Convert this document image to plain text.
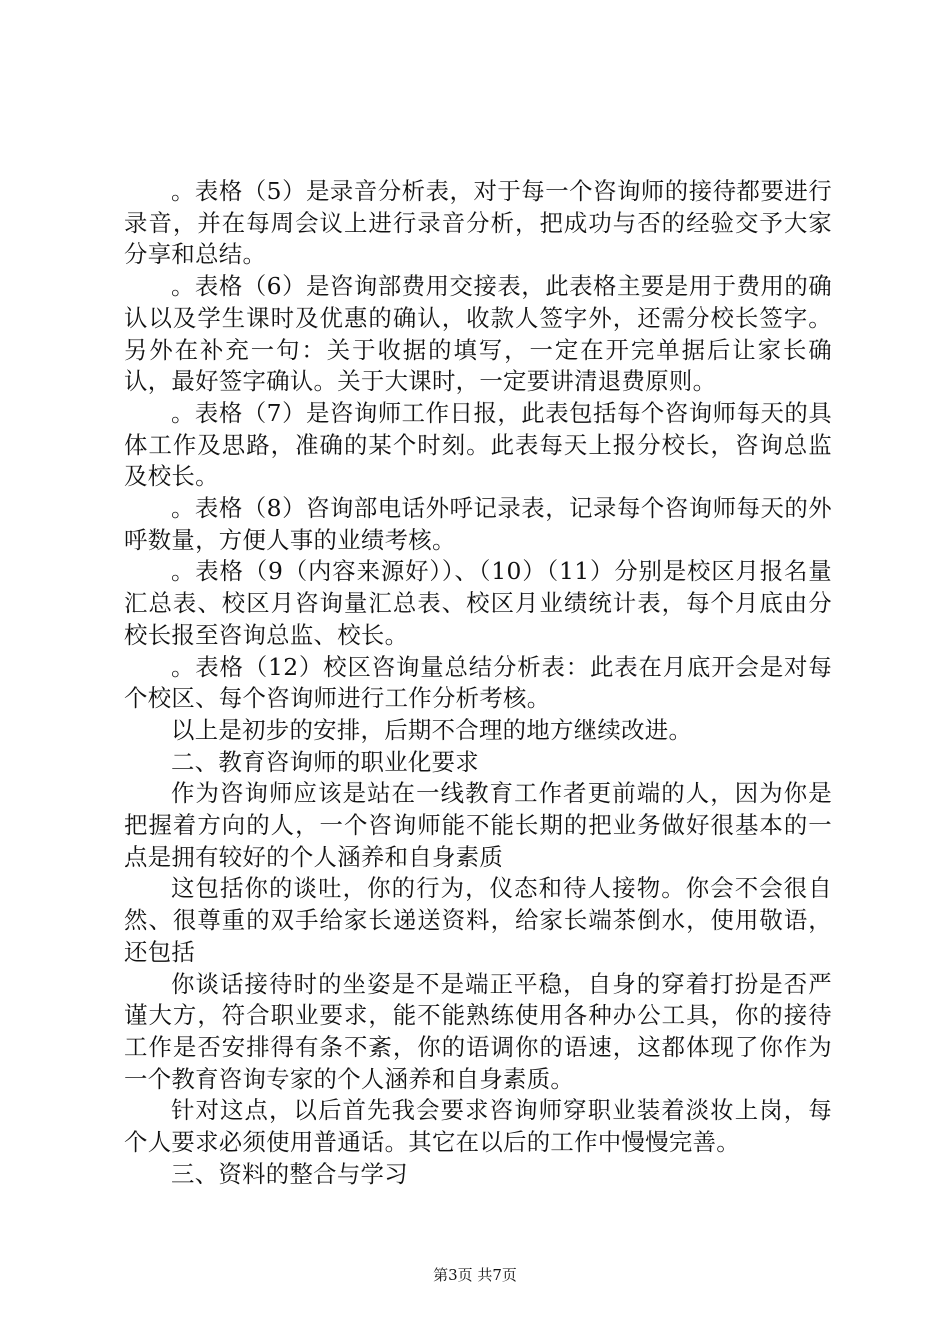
。表格（5）是录音分析表，对于每一个咨询师的接待都要进行录音，并在每周会议上进行录音分析，把成功与否的经验交予大家分享和总结。

。表格（6）是咨询部费用交接表，此表格主要是用于费用的确认以及学生课时及优惠的确认，收款人签字外，还需分校长签字。另外在补充一句：关于收据的填写，一定在开完单据后让家长确认，最好签字确认。关于大课时，一定要讲清退费原则。

。表格（7）是咨询师工作日报，此表包括每个咨询师每天的具体工作及思路，准确的某个时刻。此表每天上报分校长，咨询总监及校长。

。表格（8）咨询部电话外呼记录表，记录每个咨询师每天的外呼数量，方便人事的业绩考核。

。表格（9（内容来源好））、（10）（11）分别是校区月报名量汇总表、校区月咨询量汇总表、校区月业绩统计表，每个月底由分校长报至咨询总监、校长。

。表格（12）校区咨询量总结分析表：此表在月底开会是对每个校区、每个咨询师进行工作分析考核。

以上是初步的安排，后期不合理的地方继续改进。

二、教育咨询师的职业化要求

作为咨询师应该是站在一线教育工作者更前端的人，因为你是把握着方向的人，一个咨询师能不能长期的把业务做好很基本的一点是拥有较好的个人涵养和自身素质

这包括你的谈吐，你的行为，仪态和待人接物。你会不会很自然、很尊重的双手给家长递送资料，给家长端茶倒水，使用敬语，还包括

你谈话接待时的坐姿是不是端正平稳，自身的穿着打扮是否严谨大方，符合职业要求，能不能熟练使用各种办公工具，你的接待工作是否安排得有条不紊，你的语调你的语速，这都体现了你作为一个教育咨询专家的个人涵养和自身素质。

针对这点，以后首先我会要求咨询师穿职业装着淡妆上岗，每个人要求必须使用普通话。其它在以后的工作中慢慢完善。

三、资料的整合与学习

第3页 共7页
